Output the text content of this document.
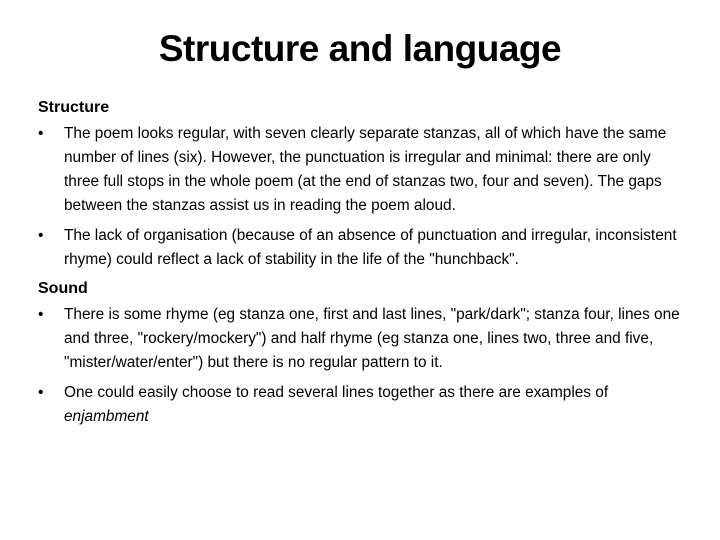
Structure and language
Structure
•	The poem looks regular, with seven clearly separate stanzas, all of which have the same number of lines (six). However, the punctuation is irregular and minimal: there are only three full stops in the whole poem (at the end of stanzas two, four and seven). The gaps between the stanzas assist us in reading the poem aloud.
•	The lack of organisation (because of an absence of punctuation and irregular, inconsistent rhyme) could reflect a lack of stability in the life of the "hunchback".
Sound
•	There is some rhyme (eg stanza one, first and last lines, "park/dark"; stanza four, lines one and three, "rockery/mockery") and half rhyme (eg stanza one, lines two, three and five, "mister/water/enter") but there is no regular pattern to it.
•	One could easily choose to read several lines together as there are examples of enjambment
